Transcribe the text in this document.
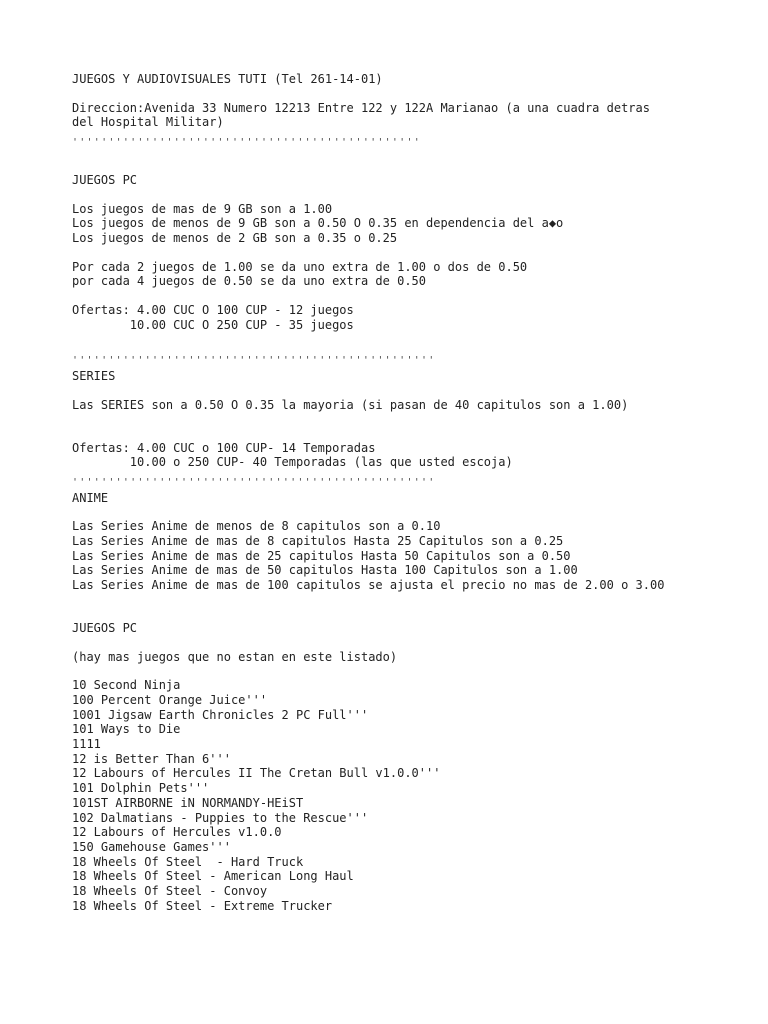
JUEGOS Y AUDIOVISUALES TUTI (Tel 261-14-01)
Direccion:Avenida 33 Numero 12213 Entre 122 y 122A Marianao (a una cuadra detras
del Hospital Militar)
''''''''''''''''''''''''''''''''''''''''''''''''
JUEGOS PC
Los juegos de mas de 9 GB son a 1.00
Los juegos de menos de 9 GB son a 0.50 O 0.35 en dependencia del a◆o
Los juegos de menos de 2 GB son a 0.35 o 0.25
Por cada 2 juegos de 1.00 se da uno extra de 1.00 o dos de 0.50
por cada 4 juegos de 0.50 se da uno extra de 0.50
Ofertas: 4.00 CUC O 100 CUP - 12 juegos
10.00 CUC O 250 CUP - 35 juegos
''''''''''''''''''''''''''''''''''''''''''''''''''
SERIES
Las SERIES son a 0.50 O 0.35 la mayoria (si pasan de 40 capitulos son a 1.00)
Ofertas: 4.00 CUC o 100 CUP- 14 Temporadas
10.00 o 250 CUP- 40 Temporadas (las que usted escoja)
''''''''''''''''''''''''''''''''''''''''''''''''''
ANIME
Las Series Anime de menos de 8 capitulos son a 0.10
Las Series Anime de mas de 8 capitulos Hasta 25 Capitulos son a 0.25
Las Series Anime de mas de 25 capitulos Hasta 50 Capitulos son a 0.50
Las Series Anime de mas de 50 capitulos Hasta 100 Capitulos son a 1.00
Las Series Anime de mas de 100 capitulos se ajusta el precio no mas de 2.00 o 3.00
JUEGOS PC
(hay mas juegos que no estan en este listado)
10 Second Ninja
100 Percent Orange Juice'''
1001 Jigsaw Earth Chronicles 2 PC Full'''
101 Ways to Die
1111
12 is Better Than 6'''
12 Labours of Hercules II The Cretan Bull v1.0.0'''
101 Dolphin Pets'''
101ST AIRBORNE iN NORMANDY-HEiST
102 Dalmatians - Puppies to the Rescue'''
12 Labours of Hercules v1.0.0
150 Gamehouse Games'''
18 Wheels Of Steel  - Hard Truck
18 Wheels Of Steel - American Long Haul
18 Wheels Of Steel - Convoy
18 Wheels Of Steel - Extreme Trucker
